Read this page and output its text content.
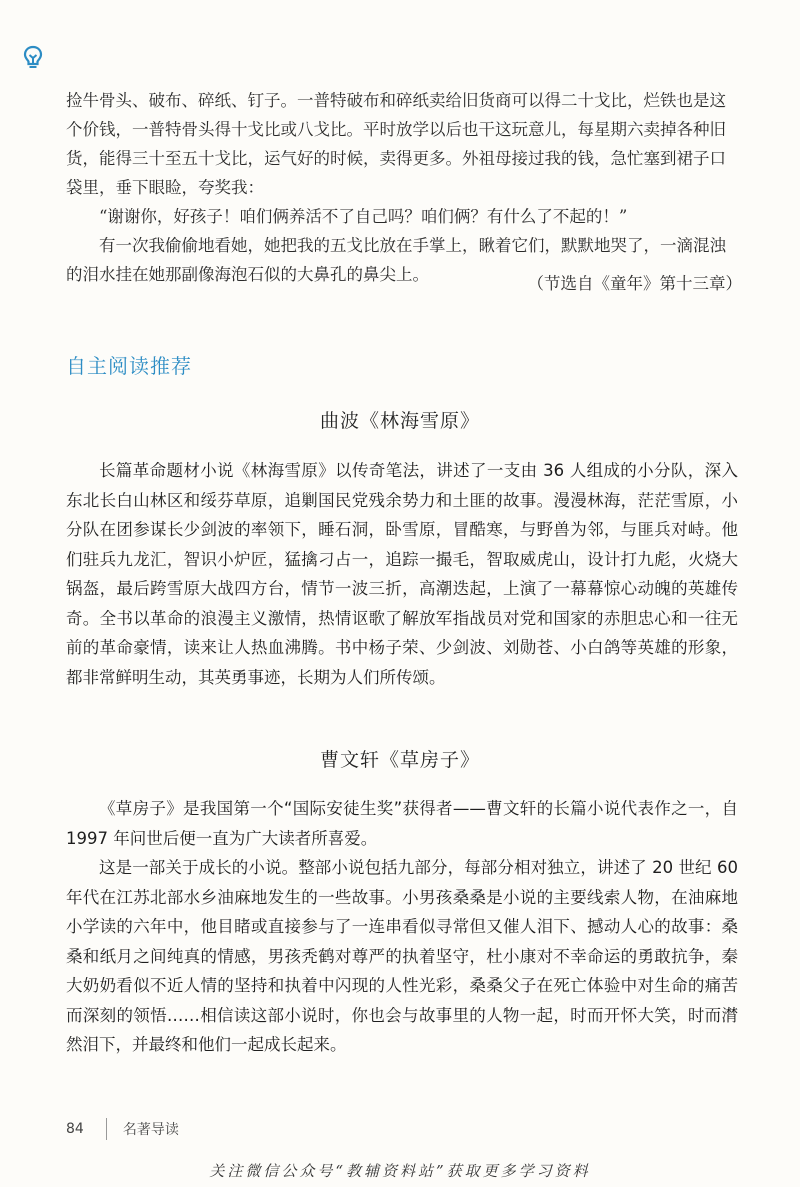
捡牛骨头、破布、碎纸、钉子。一普特破布和碎纸卖给旧货商可以得二十戈比，烂铁也是这个价钱，一普特骨头得十戈比或八戈比。平时放学以后也干这玩意儿，每星期六卖掉各种旧货，能得三十至五十戈比，运气好的时候，卖得更多。外祖母接过我的钱，急忙塞到裙子口袋里，垂下眼睑，夸奖我：

“谢谢你，好孩子！咱们俩养活不了自己吗？咱们俩？有什么了不起的！”

有一次我偷偷地看她，她把我的五戈比放在手掌上，瞅着它们，默默地哭了，一滴混浊的泪水挂在她那副像海泡石似的大鼻孔的鼻尖上。	（节选自《童年》第十三章）
自主阅读推荐
曲波《林海雪原》

长篇革命题材小说《林海雪原》以传奇笔法，讲述了一支由 36 人组成的小分队，深入东北长白山林区和绥芬草原，追剿国民党残余势力和土匪的故事。漫漫林海，茫茫雪原，小分队在团参谋长少剑波的率领下，睡石洞，卧雪原，冒酷寒，与野兽为邻，与匪兵对峙。他们驻兵九龙汇，智识小炉匠，猛擒刁占一，追踪一撮毛，智取威虎山，设计打九彪，火烧大锅盔，最后跨雪原大战四方台，情节一波三折，高潮迭起，上演了一幕幕惊心动魄的英雄传奇。全书以革命的浪漫主义激情，热情讴歌了解放军指战员对党和国家的赤胆忠心和一往无前的革命豪情，读来让人热血沸腾。书中杨子荣、少剑波、刘勋苍、小白鸽等英雄的形象，都非常鲜明生动，其英勇事迹，长期为人们所传颂。

曹文轩《草房子》

《草房子》是我国第一个“国际安徒生奖”获得者——曹文轩的长篇小说代表作之一，自 1997 年问世后便一直为广大读者所喜爱。

这是一部关于成长的小说。整部小说包括九部分，每部分相对独立，讲述了 20 世纪 60 年代在江苏北部水乡油麻地发生的一些故事。小男孩桑桑是小说的主要线索人物，在油麻地小学读的六年中，他目睹或直接参与了一连串看似寻常但又催人泪下、撼动人心的故事：桑桑和纸月之间纯真的情感，男孩秃鹤对尊严的执着坚守，杜小康对不幸命运的勇敢抗争，秦大奶奶看似不近人情的坚持和执着中闪现的人性光彩，桑桑父子在死亡体验中对生命的痛苦而深刻的领悟……相信读这部小说时，你也会与故事里的人物一起，时而开怀大笑，时而潸然泪下，并最终和他们一起成长起来。

84	名著导读
关注微信公众号“教辅资料站”获取更多学习资料
